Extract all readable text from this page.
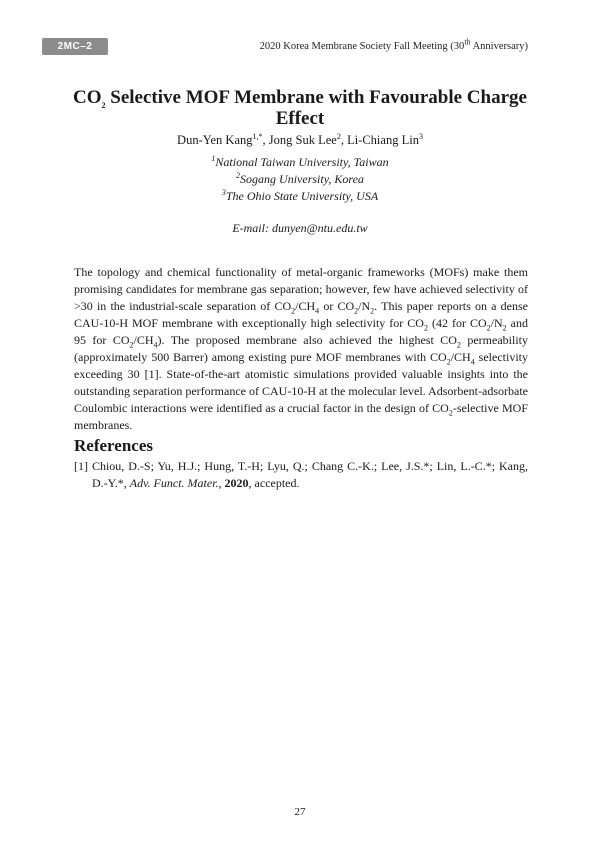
2MC–2	2020 Korea Membrane Society Fall Meeting (30th Anniversary)
$CO_2$ Selective MOF Membrane with Favourable Charge
Effect
Dun-Yen Kang$^{1,*}$, Jong Suk Lee$^2$, Li-Chiang Lin$^3$
$^1$National Taiwan University, Taiwan
$^2$Sogang University, Korea
$^3$The Ohio State University, USA
E-mail: dunyen@ntu.edu.tw
The topology and chemical functionality of metal-organic frameworks (MOFs) make them promising candidates for membrane gas separation; however, few have achieved selectivity of >30 in the industrial-scale separation of $CO_2/CH_4$ or $CO_2/N_2$. This paper reports on a dense CAU-10-H MOF membrane with exceptionally high selectivity for $CO_2$ (42 for $CO_2/N_2$ and 95 for $CO_2/CH_4$). The proposed membrane also achieved the highest $CO_2$ permeability (approximately 500 Barrer) among existing pure MOF membranes with $CO_2/CH_4$ selectivity exceeding 30 [1]. State-of-the-art atomistic simulations provided valuable insights into the outstanding separation performance of CAU-10-H at the molecular level. Adsorbent-adsorbate Coulombic interactions were identified as a crucial factor in the design of $CO_2$-selective MOF membranes.
References
[1] Chiou, D.-S; Yu, H.J.; Hung, T.-H; Lyu, Q.; Chang C.-K.; Lee, J.S.*; Lin, L.-C.*; Kang, D.-Y.*, Adv. Funct. Mater., 2020, accepted.
27
